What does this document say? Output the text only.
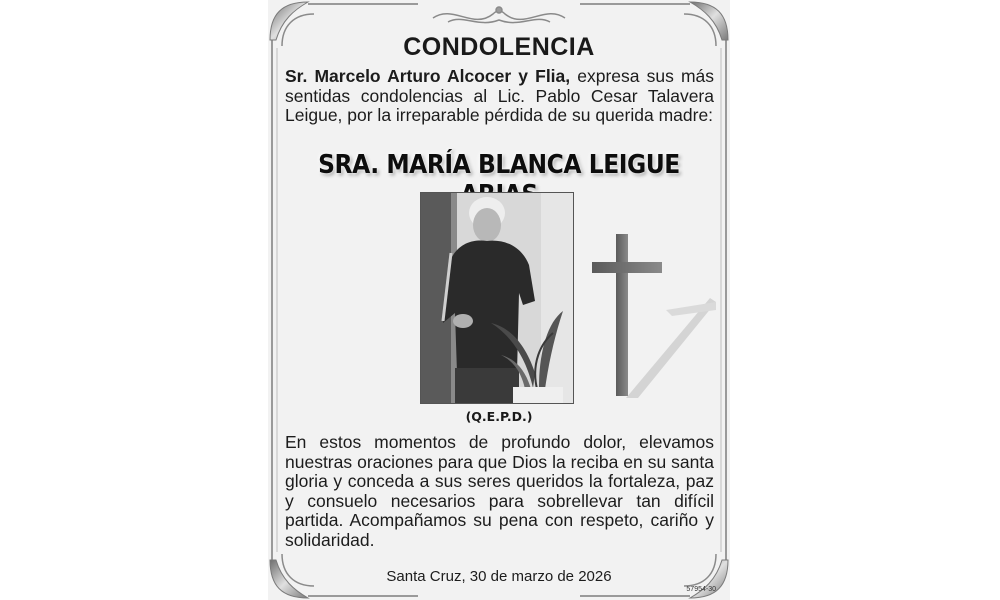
CONDOLENCIA
Sr. Marcelo Arturo Alcocer y Flia, expresa sus más sentidas condolencias al Lic. Pablo Cesar Talavera Leigue, por la irreparable pérdida de su querida madre:
SRA. MARÍA BLANCA LEIGUE
(Q.E.P.D.)
En estos momentos de profundo dolor, elevamos nuestras oraciones para que Dios la reciba en su santa gloria y conceda a sus seres queridos la fortaleza, paz y consuelo necesarios para sobrellevar tan difícil partida. Acompañamos su pena con respeto, cariño y solidaridad.
Santa Cruz, 30 de marzo de 2026
57954-30
